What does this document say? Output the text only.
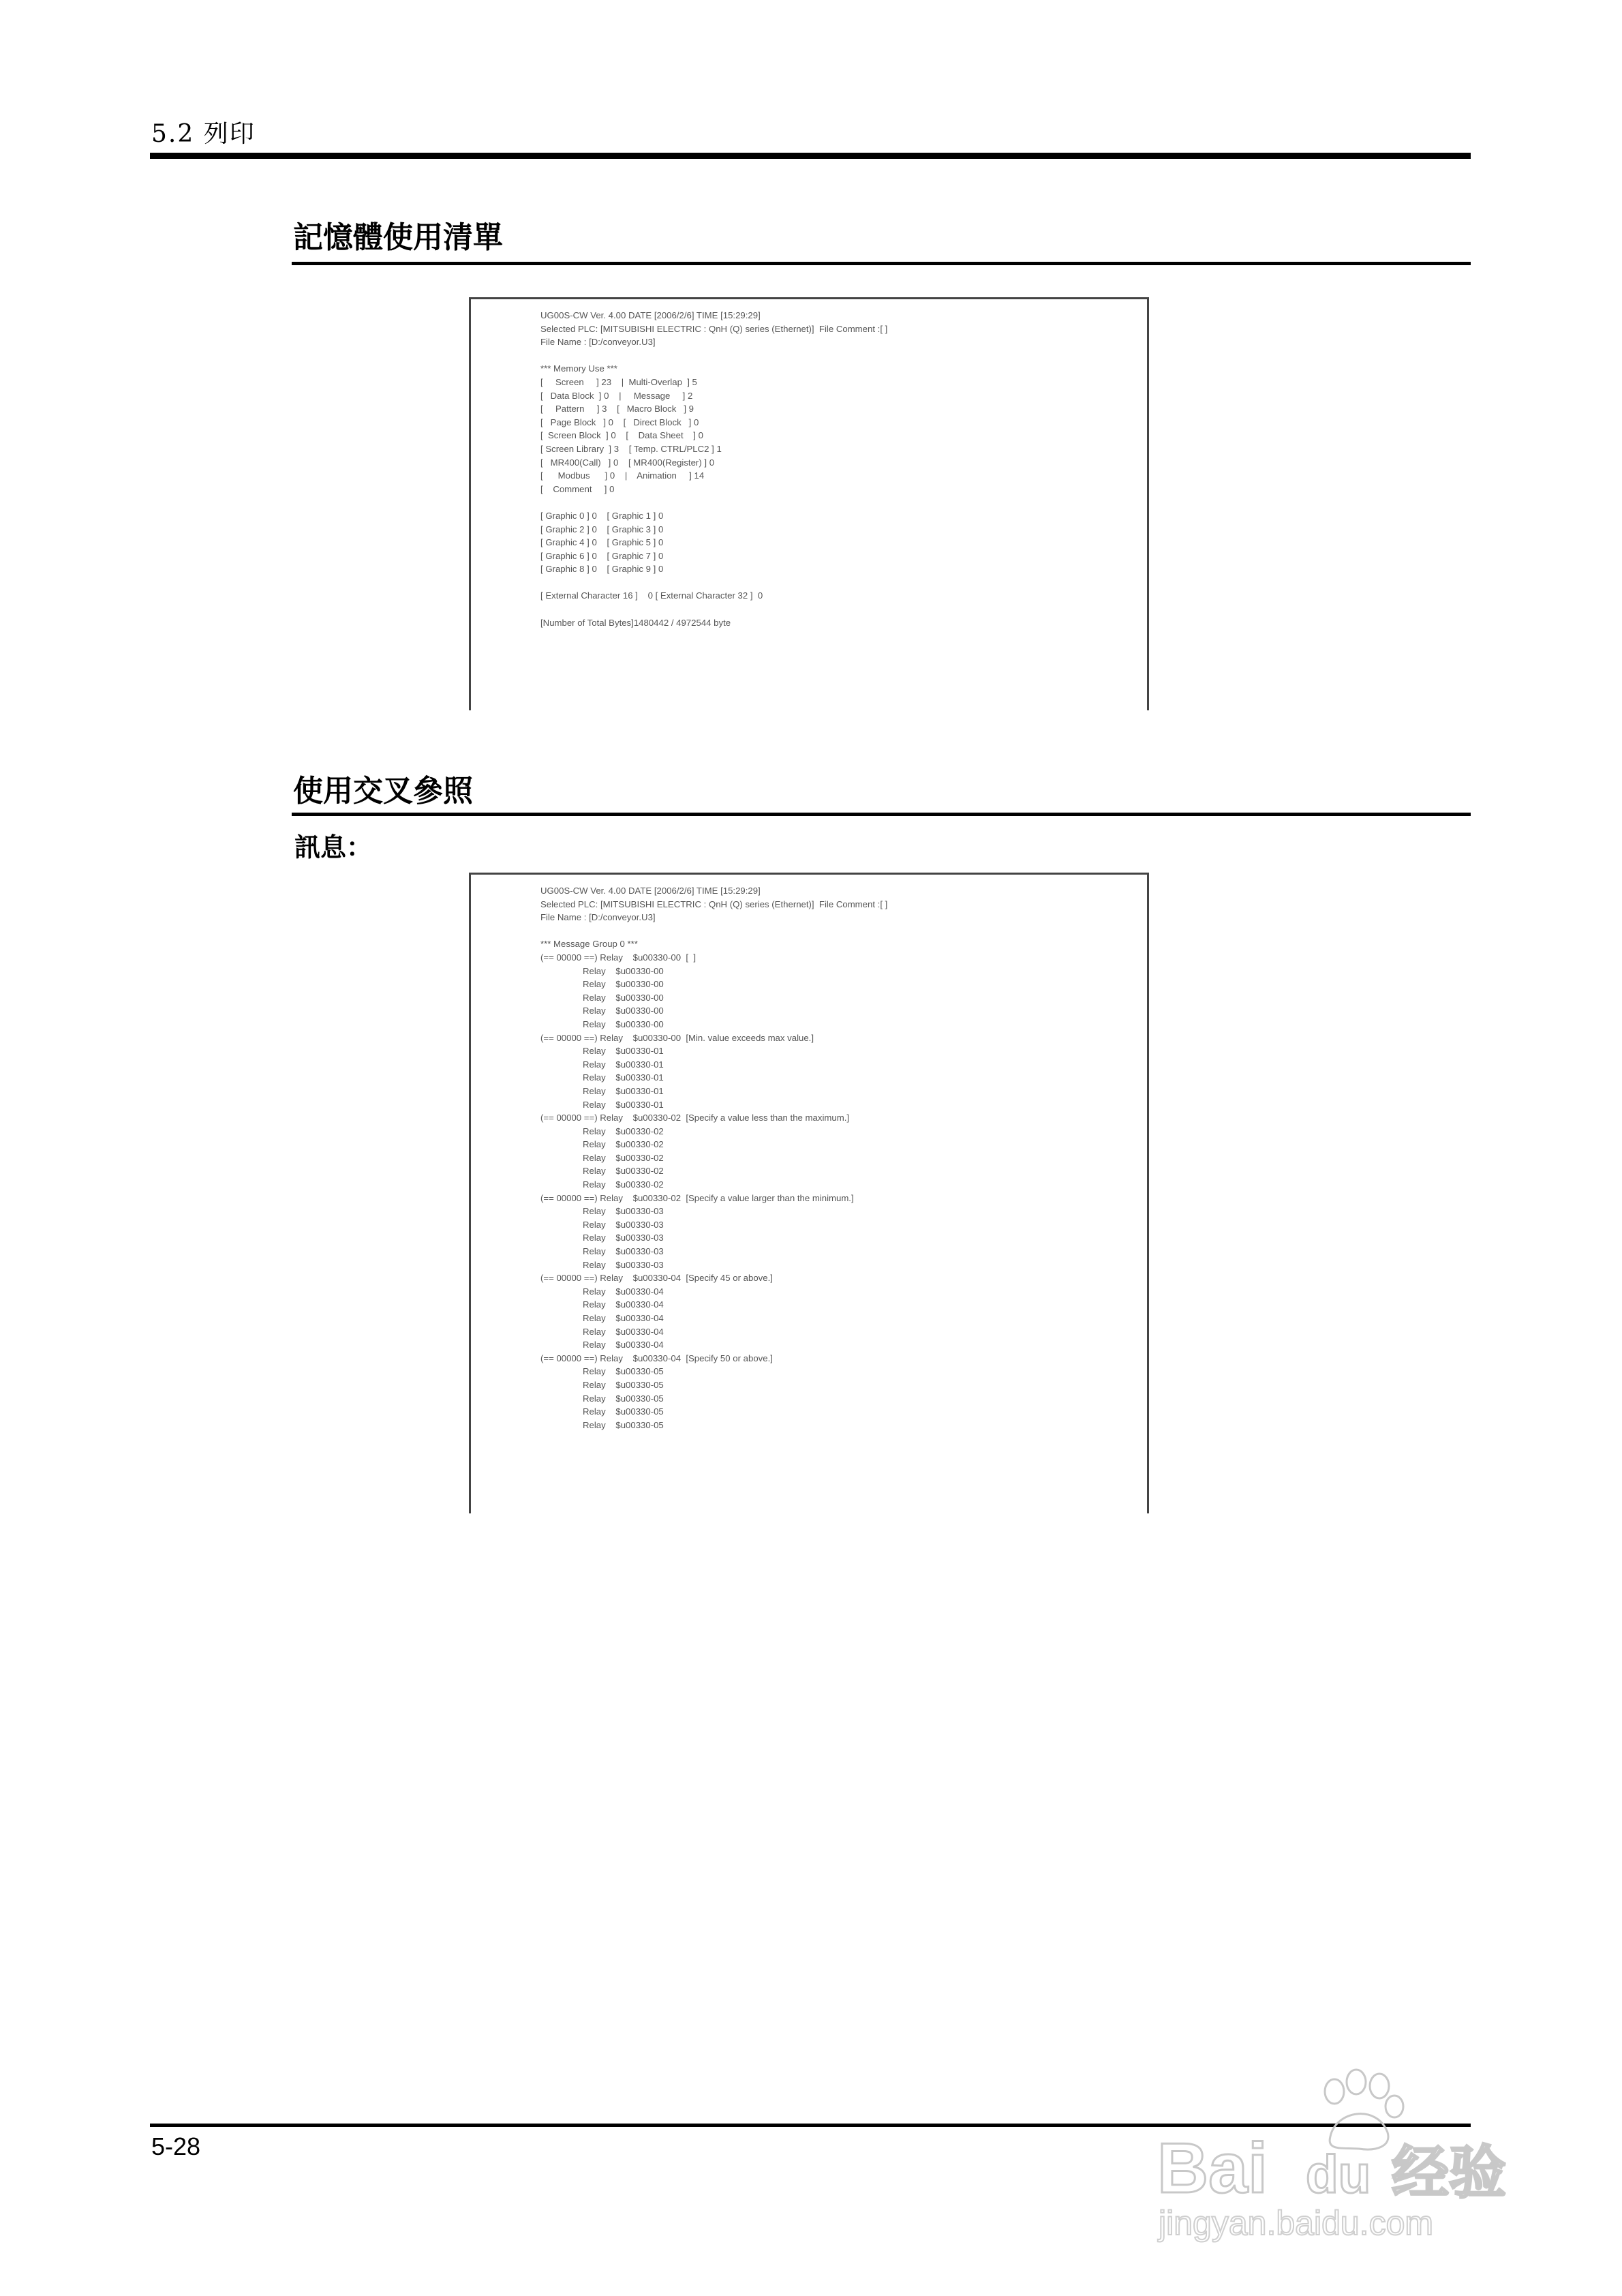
5.2 列印
記憶體使用清單
UG00S-CW Ver. 4.00 DATE [2006/2/6] TIME [15:29:29]
Selected PLC: [MITSUBISHI ELECTRIC : QnH (Q) series (Ethernet)]  File Comment :[ ]
File Name : [D:/conveyor.U3]
*** Memory Use ***
[     Screen     ] 23    |  Multi-Overlap  ] 5
[   Data Block  ] 0    |     Message     ] 2
[     Pattern     ] 3    [   Macro Block   ] 9
[   Page Block   ] 0    [   Direct Block   ] 0
[  Screen Block  ] 0    [    Data Sheet    ] 0
[ Screen Library  ] 3    [ Temp. CTRL/PLC2 ] 1
[   MR400(Call)   ] 0    [ MR400(Register) ] 0
[      Modbus      ] 0    |    Animation     ] 14
[    Comment     ] 0
[ Graphic 0 ] 0    [ Graphic 1 ] 0
[ Graphic 2 ] 0    [ Graphic 3 ] 0
[ Graphic 4 ] 0    [ Graphic 5 ] 0
[ Graphic 6 ] 0    [ Graphic 7 ] 0
[ Graphic 8 ] 0    [ Graphic 9 ] 0
[ External Character 16 ]    0 [ External Character 32 ]  0
[Number of Total Bytes]1480442 / 4972544 byte
使用交叉參照
訊息：
UG00S-CW Ver. 4.00 DATE [2006/2/6] TIME [15:29:29]
Selected PLC: [MITSUBISHI ELECTRIC : QnH (Q) series (Ethernet)]  File Comment :[ ]
File Name : [D:/conveyor.U3]
*** Message Group 0 ***
(== 00000 ==) Relay    $u00330-00  [  ]
Relay    $u00330-00
Relay    $u00330-00
Relay    $u00330-00
Relay    $u00330-00
Relay    $u00330-00
(== 00000 ==) Relay    $u00330-00  [Min. value exceeds max value.]
Relay    $u00330-01
Relay    $u00330-01
Relay    $u00330-01
Relay    $u00330-01
Relay    $u00330-01
(== 00000 ==) Relay    $u00330-02  [Specify a value less than the maximum.]
Relay    $u00330-02
Relay    $u00330-02
Relay    $u00330-02
Relay    $u00330-02
Relay    $u00330-02
(== 00000 ==) Relay    $u00330-02  [Specify a value larger than the minimum.]
Relay    $u00330-03
Relay    $u00330-03
Relay    $u00330-03
Relay    $u00330-03
Relay    $u00330-03
(== 00000 ==) Relay    $u00330-04  [Specify 45 or above.]
Relay    $u00330-04
Relay    $u00330-04
Relay    $u00330-04
Relay    $u00330-04
Relay    $u00330-04
(== 00000 ==) Relay    $u00330-04  [Specify 50 or above.]
Relay    $u00330-05
Relay    $u00330-05
Relay    $u00330-05
Relay    $u00330-05
Relay    $u00330-05
5-28	Bai du 经验
jingyan.baidu.com
